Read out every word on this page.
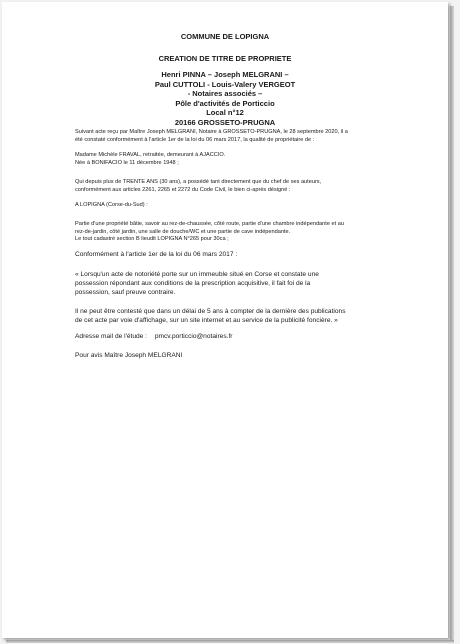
COMMUNE DE LOPIGNA
CREATION DE TITRE DE PROPRIETE
Henri PINNA – Joseph MELGRANI –
Paul CUTTOLI - Louis-Valery VERGEOT
- Notaires associés –
Pôle d'activités de Porticcio
Local n°12
20166 GROSSETO-PRUGNA
Suivant acte reçu par Maître Joseph MELGRANI, Notaire à GROSSETO-PRUGNA, le 28 septembre 2020, il a
été constaté conformément à l'article 1er de la loi du 06 mars 2017, la qualité de propriétaire de :
Madame Michèle FRAVAL, retraitée, demeurant à AJACCIO.
Née à BONIFACIO le 11 décembre 1948 ;
Qui depuis plus de TRENTE ANS (30 ans), a possédé tant directement que du chef de ses auteurs,
conformément aux articles 2261, 2265 et 2272 du Code Civil, le bien ci-après désigné :
A LOPIGNA (Corse-du-Sud) :
Partie d'une propriété bâtie, savoir au rez-de-chaussée, côté route, partie d'une chambre indépendante et au
rez-de-jardin, côté jardin, une salle de douche/WC et une partie de cave indépendante.
Le tout cadastré section B lieudit LOPIGNA N°265 pour 30ca ;
Conformément à l'article 1er de la loi du 06 mars 2017 :
« Lorsqu'un acte de notoriété porte sur un immeuble situé en Corse et constate une
possession répondant aux conditions de la prescription acquisitive, il fait foi de la
possession, sauf preuve contraire.
Il ne peut être contesté que dans un délai de 5 ans à compter de la dernière des publications
de cet acte par voie d'affichage, sur un site internet et au service de la publicité foncière. »
Adresse mail de l'étude : pmcv.porticcio@notaires.fr
Pour avis Maître Joseph MELGRANI
